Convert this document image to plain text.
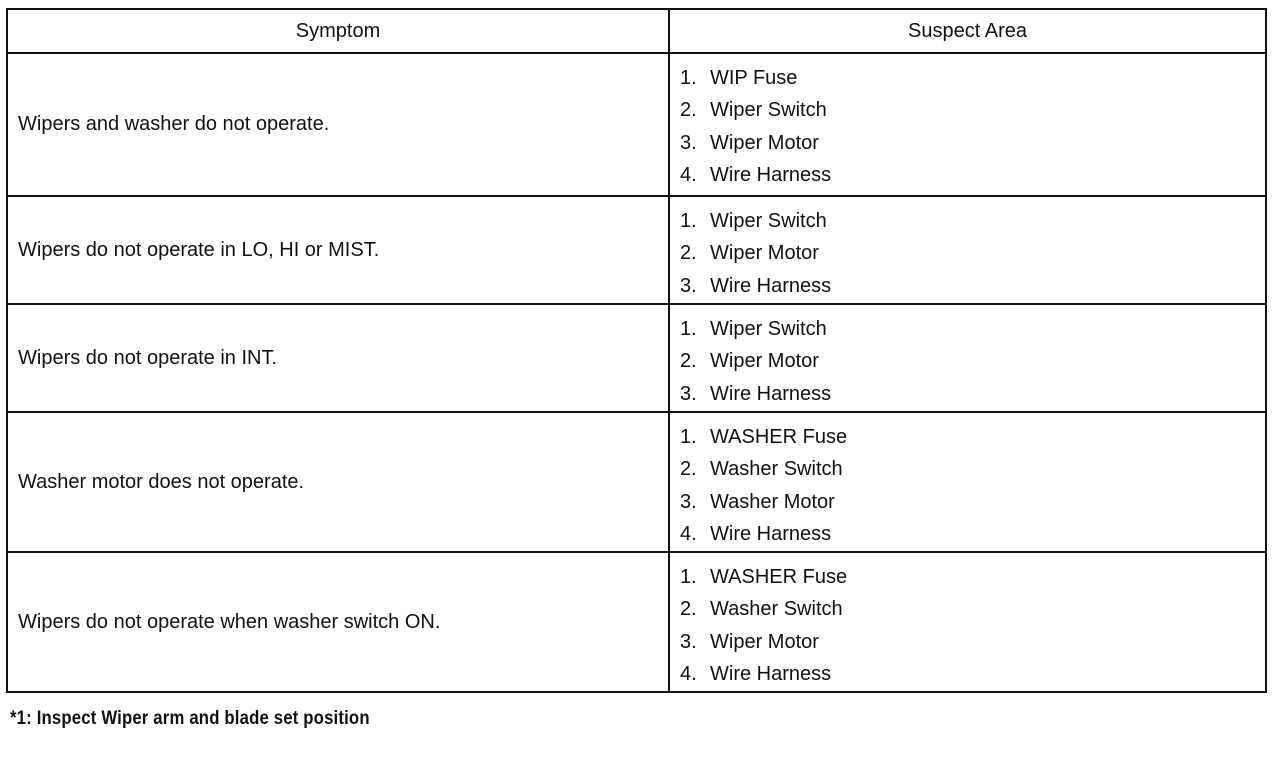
Symptom	Suspect Area
Wipers and washer do not operate.
1. WIP Fuse
2. Wiper Switch
3. Wiper Motor
4. Wire Harness
Wipers do not operate in LO, HI or MIST.
1. Wiper Switch
2. Wiper Motor
3. Wire Harness
Wipers do not operate in INT.
1. Wiper Switch
2. Wiper Motor
3. Wire Harness
Washer motor does not operate.
1. WASHER Fuse
2. Washer Switch
3. Washer Motor
4. Wire Harness
Wipers do not operate when washer switch ON.
1. WASHER Fuse
2. Washer Switch
3. Wiper Motor
4. Wire Harness
*1: Inspect Wiper arm and blade set position
